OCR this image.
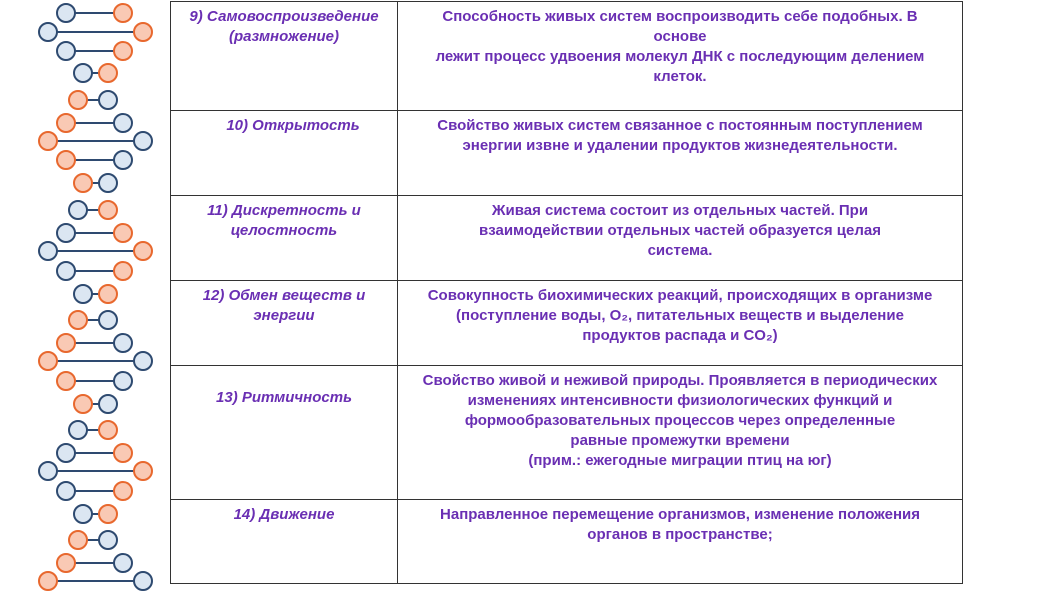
9) Самовоспроизведение
(размножение)	Способность живых систем воспроизводить себе подобных. В
основе
лежит процесс удвоения молекул ДНК с последующим делением
клеток.
10) Открытость	Свойство живых систем связанное с постоянным поступлением
энергии извне и удалении продуктов жизнедеятельности.
11) Дискретность и
целостность	Живая система состоит из отдельных частей. При
взаимодействии отдельных частей образуется целая
система.
12) Обмен веществ и
энергии	Совокупность биохимических реакций, происходящих в организме
(поступление воды, O₂, питательных веществ и выделение
продуктов распада и CO₂)
13) Ритмичность	Свойство живой и неживой природы. Проявляется в периодических
изменениях интенсивности физиологических функций и
формообразовательных процессов через определенные
равные промежутки времени
(прим.: ежегодные миграции птиц на юг)
14) Движение	Направленное перемещение организмов, изменение положения
органов в пространстве;
